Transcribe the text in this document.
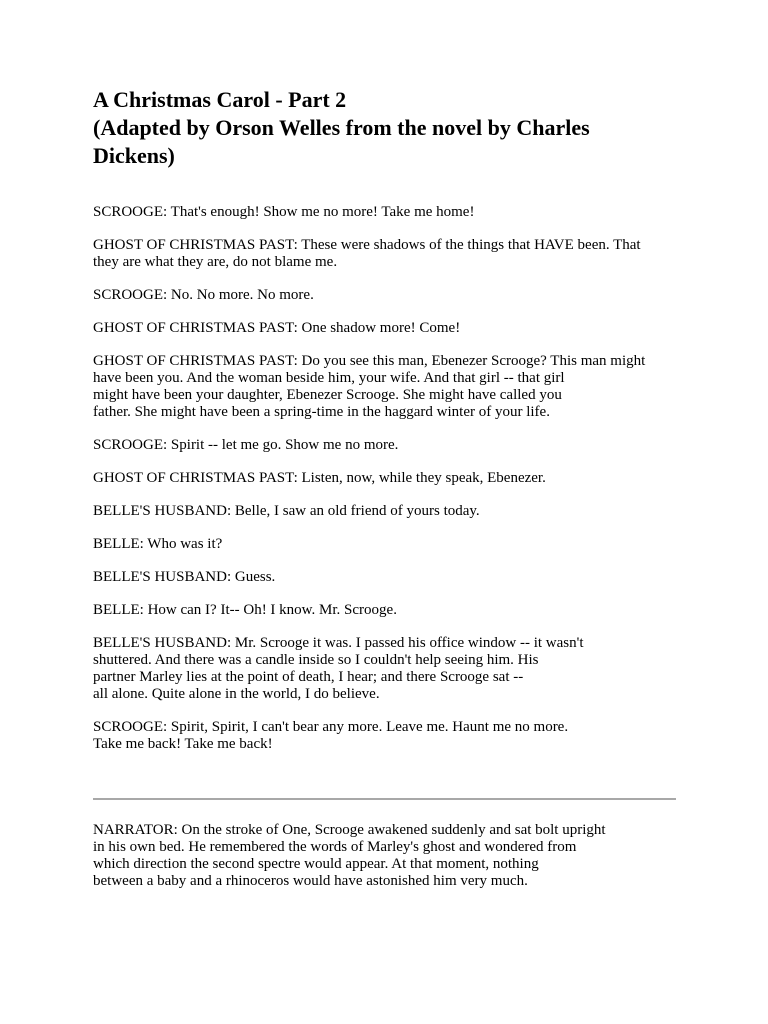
A Christmas Carol - Part 2
(Adapted by Orson Welles from the novel by Charles
Dickens)

SCROOGE: That's enough! Show me no more! Take me home!

GHOST OF CHRISTMAS PAST: These were shadows of the things that HAVE been. That
they are what they are, do not blame me.

SCROOGE: No. No more. No more.

GHOST OF CHRISTMAS PAST: One shadow more! Come!

GHOST OF CHRISTMAS PAST: Do you see this man, Ebenezer Scrooge? This man might
have been you. And the woman beside him, your wife. And that girl -- that girl
might have been your daughter, Ebenezer Scrooge. She might have called you
father. She might have been a spring-time in the haggard winter of your life.

SCROOGE: Spirit -- let me go. Show me no more.

GHOST OF CHRISTMAS PAST: Listen, now, while they speak, Ebenezer.

BELLE'S HUSBAND: Belle, I saw an old friend of yours today.

BELLE: Who was it?

BELLE'S HUSBAND: Guess.

BELLE: How can I? It-- Oh! I know. Mr. Scrooge.

BELLE'S HUSBAND: Mr. Scrooge it was. I passed his office window -- it wasn't
shuttered. And there was a candle inside so I couldn't help seeing him. His
partner Marley lies at the point of death, I hear; and there Scrooge sat --
all alone. Quite alone in the world, I do believe.

SCROOGE: Spirit, Spirit, I can't bear any more. Leave me. Haunt me no more.
Take me back! Take me back!

NARRATOR: On the stroke of One, Scrooge awakened suddenly and sat bolt upright
in his own bed. He remembered the words of Marley's ghost and wondered from
which direction the second spectre would appear. At that moment, nothing
between a baby and a rhinoceros would have astonished him very much.
